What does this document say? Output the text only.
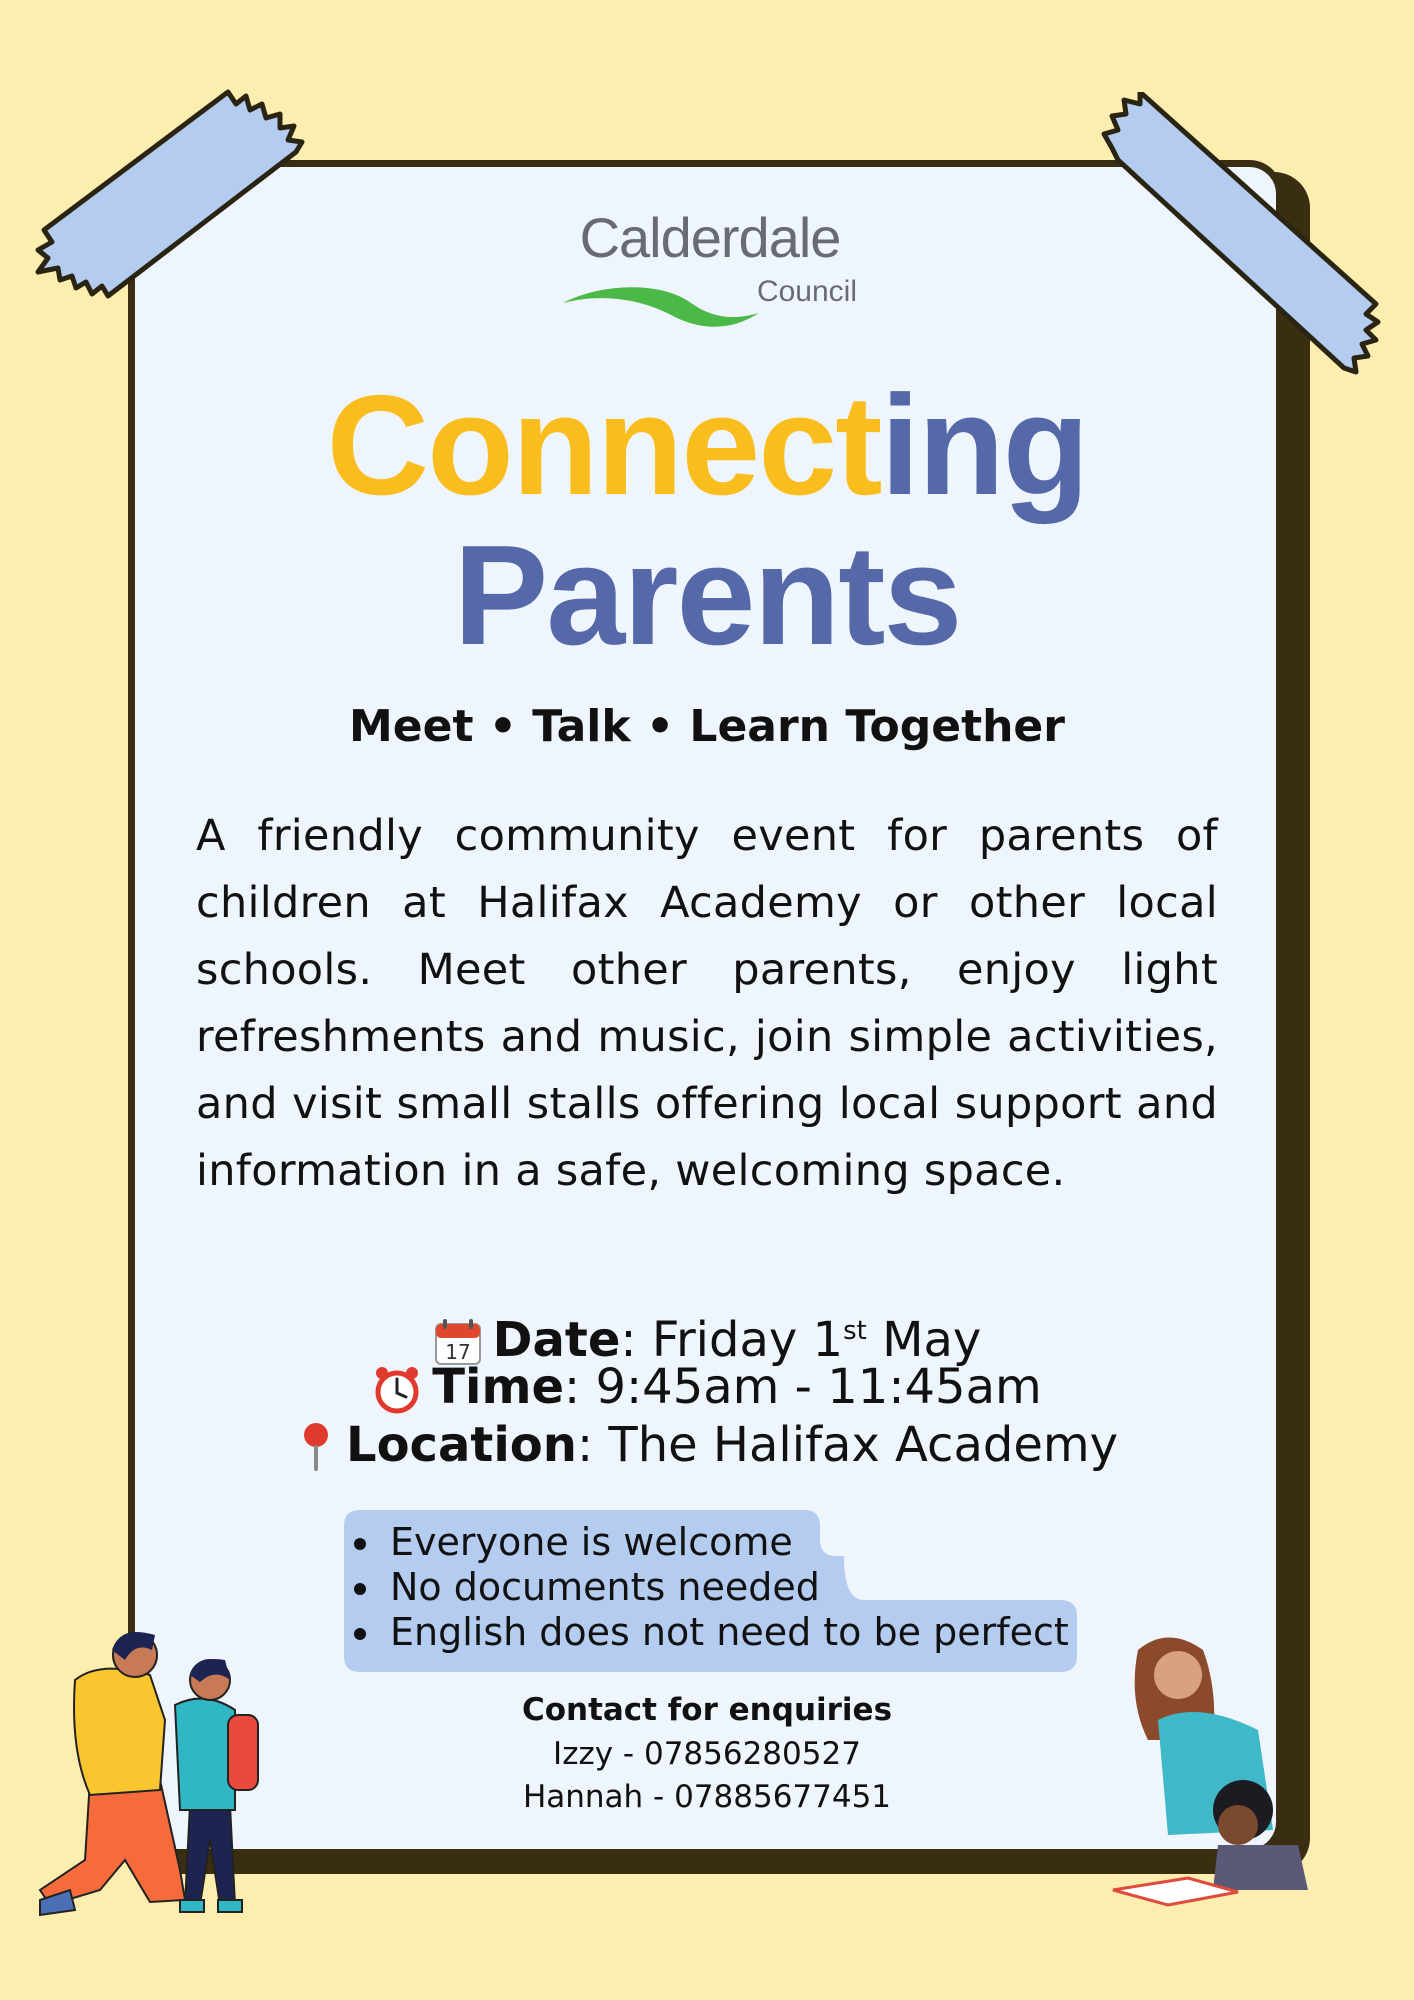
Calderdale
Council
Connecting
Parents
Meet • Talk • Learn Together
A friendly community event for parents of children at Halifax Academy or other local schools. Meet other parents, enjoy light refreshments and music, join simple activities, and visit small stalls offering local support and information in a safe, welcoming space.
17 Date: Friday 1st May
Time: 9:45am - 11:45am
Location: The Halifax Academy
Everyone is welcome
No documents needed
English does not need to be perfect
Contact for enquiries
Izzy - 07856280527
Hannah - 07885677451
